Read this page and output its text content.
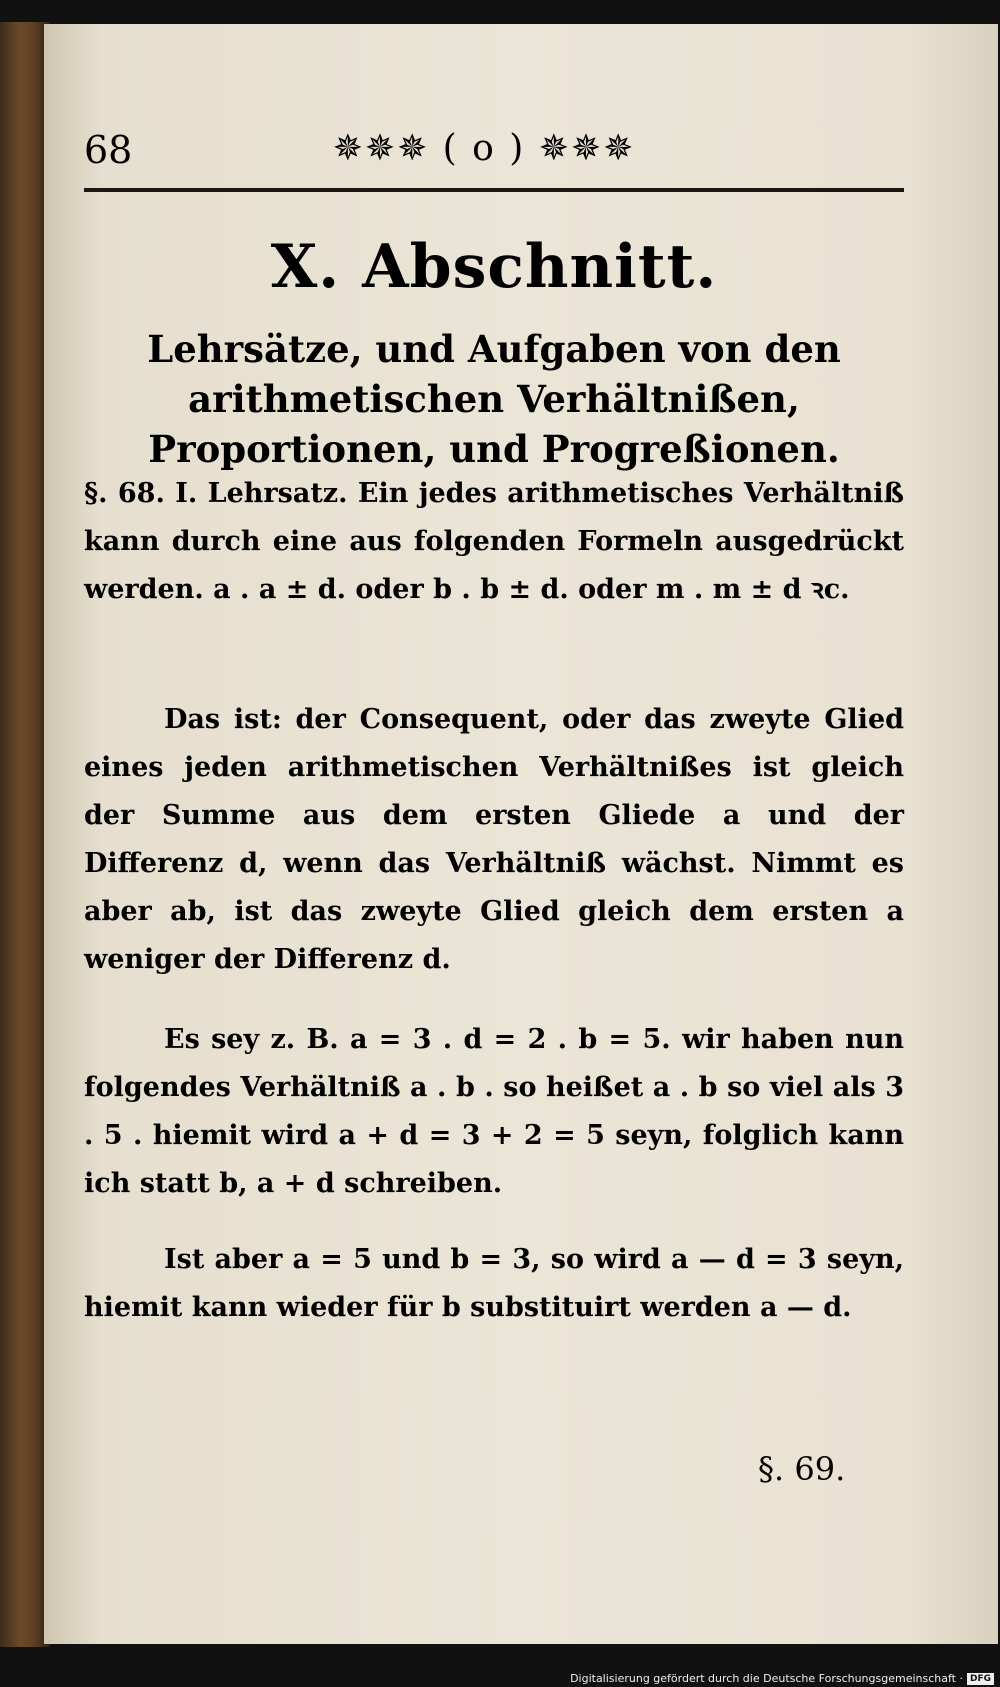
68	✵✵✵ ( o ) ✵✵✵
X. Abschnitt.
Lehrsätze, und Aufgaben von den arithmetischen Verhältnißen, Proportionen, und Progreßionen.
§. 68. I. Lehrsatz. Ein jedes arithmetisches Verhältniß kann durch eine aus folgenden Formeln ausgedrückt werden. a . a ± d. oder b . b ± d. oder m . m ± d ꝛc.
Das ist: der Consequent, oder das zweyte Glied eines jeden arithmetischen Verhältnißes ist gleich der Summe aus dem ersten Gliede a und der Differenz d, wenn das Verhältniß wächst. Nimmt es aber ab, ist das zweyte Glied gleich dem ersten a weniger der Differenz d.
Es sey z. B. a = 3 . d = 2 . b = 5. wir haben nun folgendes Verhältniß a . b . so heißet a . b so viel als 3 . 5 . hiemit wird a + d = 3 + 2 = 5 seyn, folglich kann ich statt b, a + d schreiben.
Ist aber a = 5 und b = 3, so wird a — d = 3 seyn, hiemit kann wieder für b substituirt werden a — d.
§. 69.
Digitalisierung gefördert durch die Deutsche Forschungsgemeinschaft · DFG
